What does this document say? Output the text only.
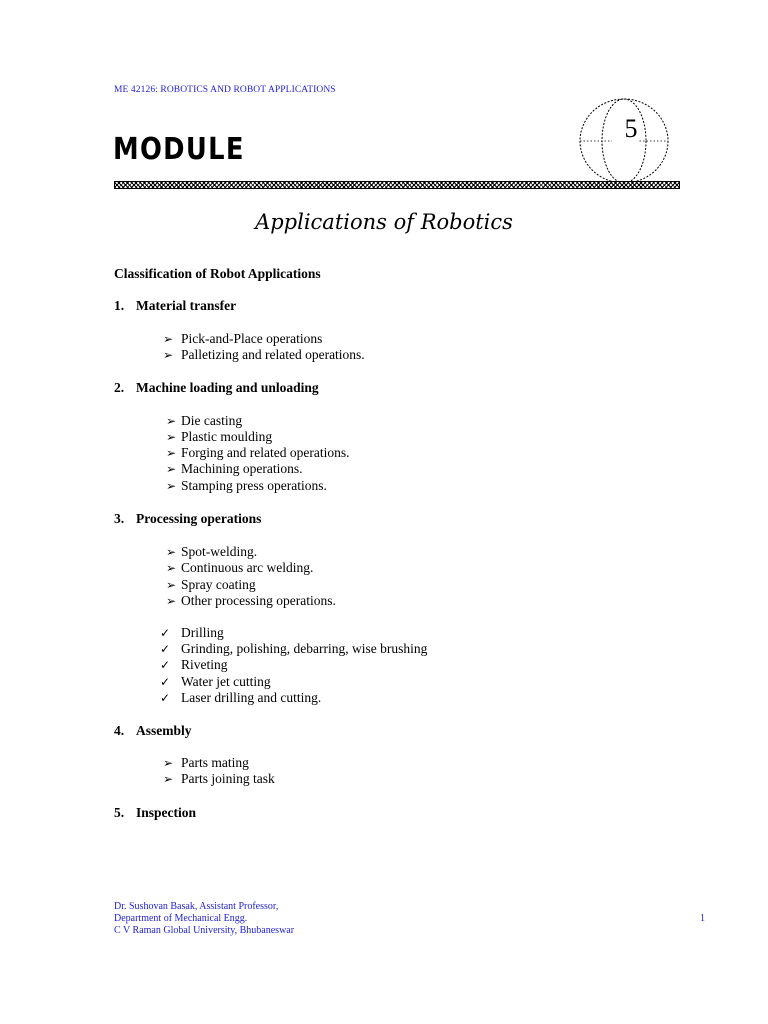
ME 42126: ROBOTICS AND ROBOT APPLICATIONS
MODULE
5
Applications of Robotics
Classification of Robot Applications
1. Material transfer
➢ Pick-and-Place operations
➢ Palletizing and related operations.
2. Machine loading and unloading
➢ Die casting
➢ Plastic moulding
➢ Forging and related operations.
➢ Machining operations.
➢ Stamping press operations.
3. Processing operations
➢ Spot-welding.
➢ Continuous arc welding.
➢ Spray coating
➢ Other processing operations.
✓ Drilling
✓ Grinding, polishing, debarring, wise brushing
✓ Riveting
✓ Water jet cutting
✓ Laser drilling and cutting.
4. Assembly
➢ Parts mating
➢ Parts joining task
5. Inspection
Dr. Sushovan Basak, Assistant Professor,
Department of Mechanical Engg.
C V Raman Global University, Bhubaneswar
1
